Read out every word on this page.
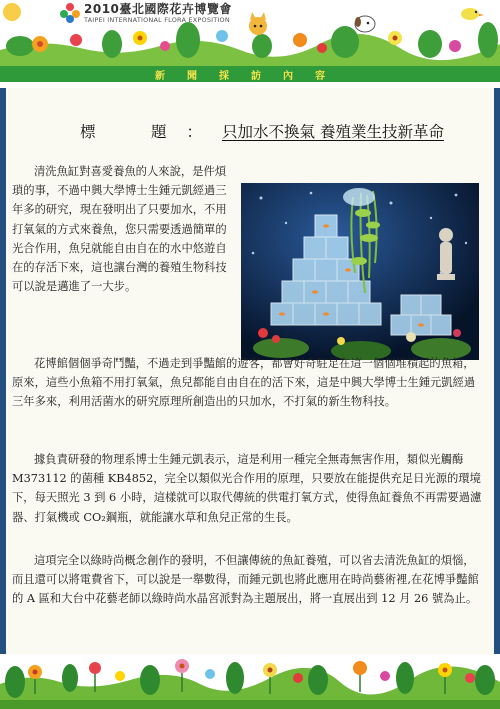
2010臺北國際花卉博覽會
TAIPEI INTERNATIONAL FLORA EXPOSITION
新 聞 採 訪 內 容
標　題：只加水不換氣 養殖業生技新革命

清洗魚缸對喜愛養魚的人來說，是件煩瑣的事，不過中興大學博士生鍾元凱經過三年多的研究，現在發明出了只要加水，不用打氧氣的方式來養魚，您只需要透過簡單的光合作用，魚兒就能自由自在的水中悠遊自在的存活下來，這也讓台灣的養殖生物科技可以說是邁進了一大步。

花博館個個爭奇鬥豔，不過走到爭豔館的遊客，都會好奇駐足在這一個個堆積起的魚箱，原來，這些小魚箱不用打氧氣，魚兒都能自由自在的活下來，這是中興大學博士生鍾元凱經過三年多來，利用活菌水的研究原理所創造出的只加水，不打氣的新生物科技。

據負責研發的物理系博士生鍾元凱表示，這是利用一種完全無毒無害作用，類似光觸酶 M373112 的菌種 KB4852，完全以類似光合作用的原理，只要放在能提供充足日光源的環境下，每天照光 3 到 6 小時，這樣就可以取代傳統的供電打氧方式，使得魚缸養魚不再需要過濾器、打氣機或 CO₂鋼瓶，就能讓水草和魚兒正常的生長。

這項完全以綠時尚概念創作的發明，不但讓傳統的魚缸養殖，可以省去清洗魚缸的煩惱，而且還可以將電費省下，可以說是一舉數得，而鍾元凱也將此應用在時尚藝術裡,在花博爭豔館的 A 區和大台中花藝老師以綠時尚水晶宮派對為主題展出，將一直展出到 12 月 26 號為止。
